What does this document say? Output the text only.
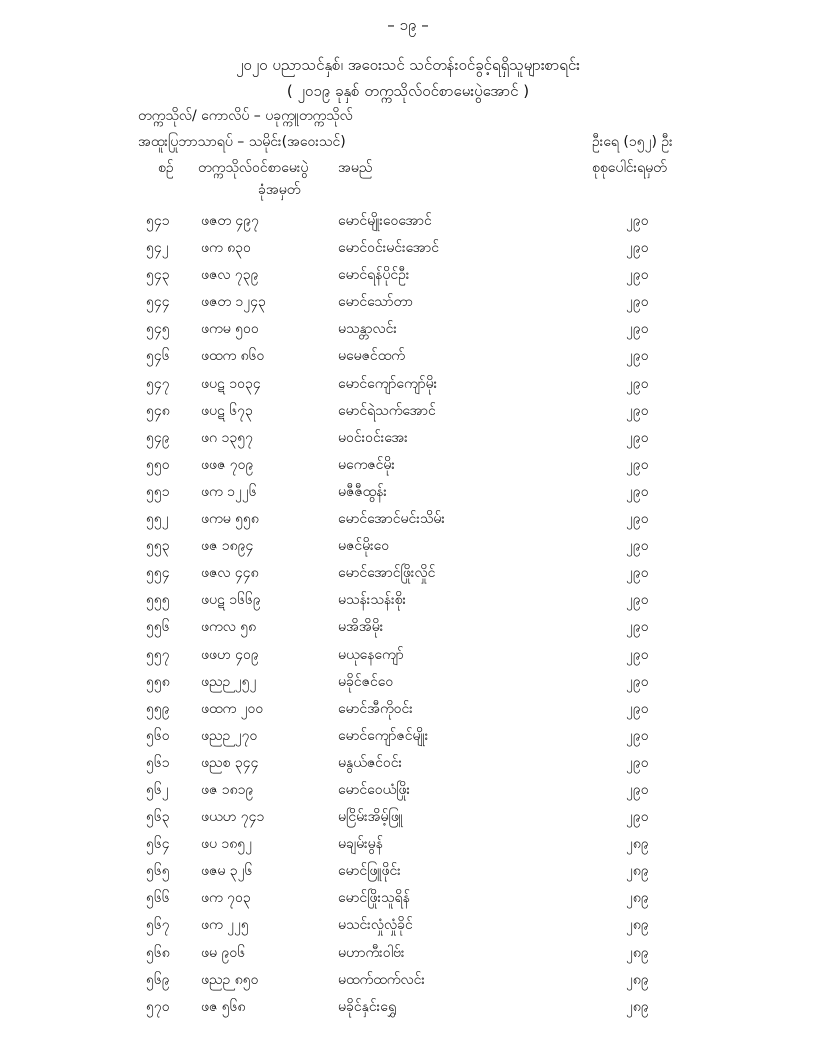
– ၁၉ –
၂၀၂၀ ပညာသင်နှစ်၊ အဝေးသင် သင်တန်းဝင်ခွင့်ရရှိသူများစာရင်း
( ၂၀၁၉ ခုနှစ် တက္ကသိုလ်ဝင်စာမေးပွဲအောင် )
တက္ကသိုလ်/ ကောလိပ် – ပခုက္ကူတက္ကသိုလ်
အထူးပြုဘာသာရပ် – သမိုင်း(အဝေးသင်)	ဦးရေ (၁၅၂) ဦး
စဉ် တက္ကသိုလ်ဝင်စာမေးပွဲ
ခုံအမှတ်
အမည်	စုစုပေါင်းရမှတ်
၅၄၁ ဖဇတ ၄၉၇	မောင်မျိုးဝေအောင်	၂၉၀
၅၄၂ ဖက ၈၃၀	မောင်ဝင်းမင်းအောင်	၂၉၀
၅၄၃ ဖဇလ ၇၃၉	မောင်ရန်ပိုင်ဦး	၂၉၀
၅၄၄ ဖဇတ ၁၂၄၃	မောင်သော်တာ	၂၉၀
၅၄၅ ဖကမ ၅၀၀	မသန္တာလင်း	၂၉၀
၅၄၆ ဖထက ၈၆၀	မမေဇင်ထက်	၂၉၀
၅၄၇ ဖပဋ ၁၀၃၄	မောင်ကျော်ကျော်မိုး	၂၉၀
၅၄၈ ဖပဋ ၆၇၃	မောင်ရဲသက်အောင်	၂၉၀
၅၄၉ ဖဂ ၁၃၅၇	မဝင်းဝင်းအေး	၂၉၀
၅၅၀ ဖဖဇ ၇၀၉	မကေဇင်မိုး	၂၉၀
၅၅၁ ဖက ၁၂၂၆	မဇီဇီထွန်း	၂၉၀
၅၅၂ ဖကမ ၅၅၈	မောင်အောင်မင်းသိမ်း	၂၉၀
၅၅၃ ဖဇ ၁၈၉၄	မဇင်မိုးဝေ	၂၉၀
၅၅၄ ဖဇလ ၄၄၈	မောင်အောင်ဖြိုးလှိုင်	၂၉၀
၅၅၅ ဖပဋ ၁၆၆၉	မသန်းသန်းစိုး	၂၉၀
၅၅၆ ဖကလ ၅၈	မအိအိမိုး	၂၉၀
၅၅၇ ဖဖဟ ၄၀၉	မယုနေကျော်	၂၉၀
၅၅၈ ဖညဉ ၂၅၂	မခိုင်ဇင်ဝေ	၂၉၀
၅၅၉ ဖထက ၂၀၀	မောင်အီကိုဝင်း	၂၉၀
၅၆၀ ဖညဉ ၂၇၀	မောင်ကျော်ဇင်မျိုး	၂၉၀
၅၆၁ ဖညစ ၃၄၄	မနွယ်ဇင်ဝင်း	၂၉၀
၅၆၂ ဖဇ ၁၈၁၉	မောင်ဝေယံဖြိုး	၂၉၀
၅၆၃ ဖယဟ ၇၄၁	မငြိမ်းအိမ့်ဖြူ	၂၉၀
၅၆၄ ဖပ ၁၈၅၂	မချမ်းမွန်	၂၈၉
၅၆၅ ဖဇမ ၃၂၆	မောင်ဖြူဖိုင်း	၂၈၉
၅၆၆ ဖက ၇၀၃	မောင်ဖြိုးသူရိန်	၂၈၉
၅၆၇ ဖက ၂၂၅	မသင်းလှုံလှုံခိုင်	၂၈၉
၅၆၈ ဖမ ၉၀၆	မဟာကီးဝါဗ်း	၂၈၉
၅၆၉ ဖညဉ ၈၅၀	မထက်ထက်လင်း	၂၈၉
၅၇၀ ဖဇ ၅၆၈	မခိုင်နှင်းရွှေ	၂၈၉
